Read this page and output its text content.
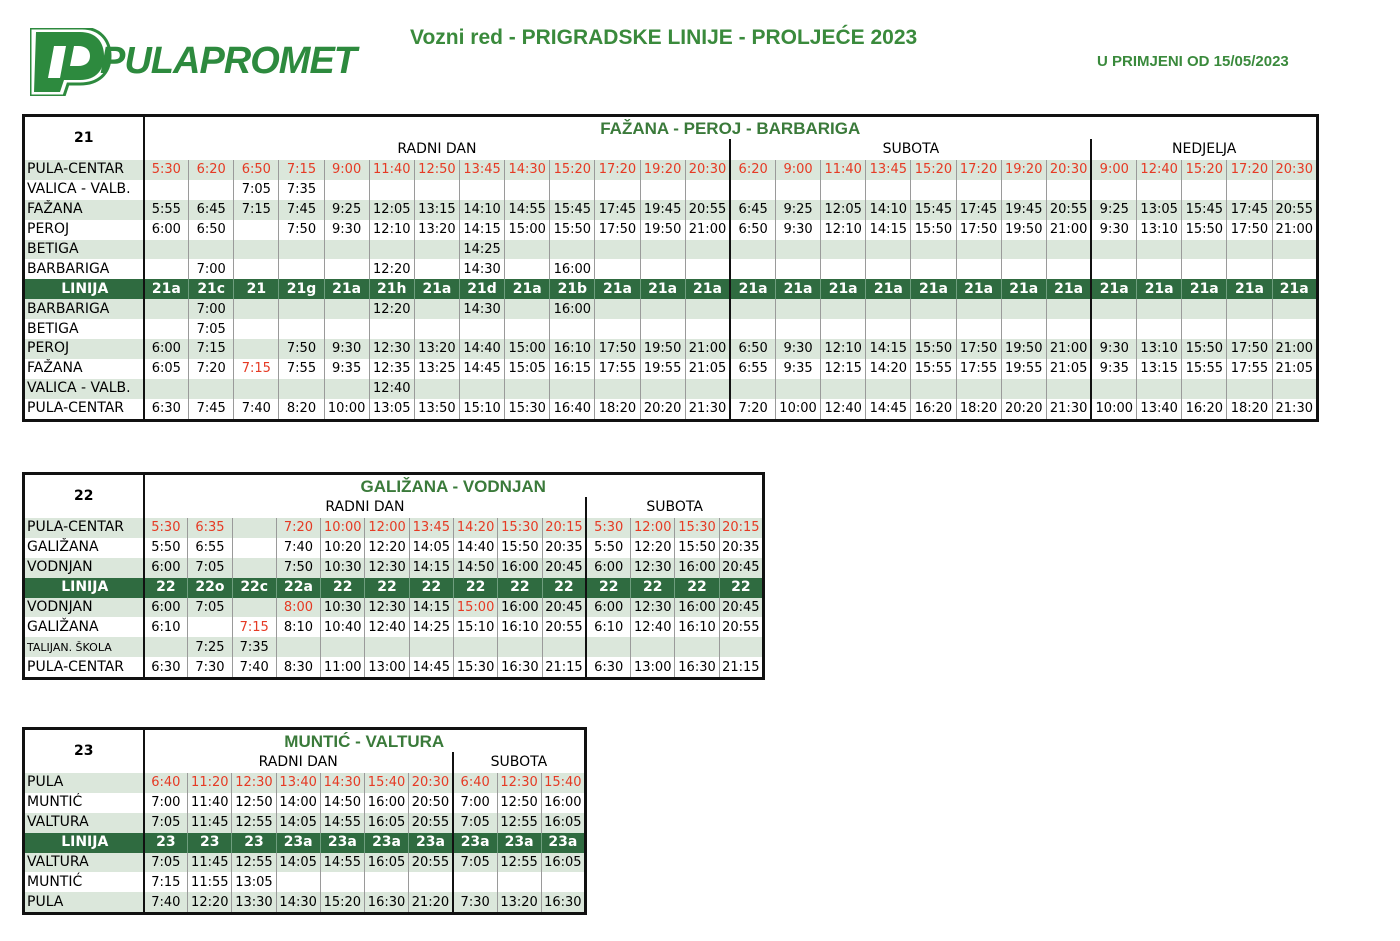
PULAPROMET
Vozni red - PRIGRADSKE LINIJE - PROLJEĆE 2023
U PRIMJENI OD 15/05/2023
21	FAŽANA - PEROJ - BARBARIGA																									
	RADNI DAN													SUBOTA								NEDJELJA				
PULA-CENTAR	5:30	6:20	6:50	7:15	9:00	11:40	12:50	13:45	14:30	15:20	17:20	19:20	20:30	6:20	9:00	11:40	13:45	15:20	17:20	19:20	20:30	9:00	12:40	15:20	17:20	20:30
VALICA - VALB.			7:05	7:35																						
FAŽANA	5:55	6:45	7:15	7:45	9:25	12:05	13:15	14:10	14:55	15:45	17:45	19:45	20:55	6:45	9:25	12:05	14:10	15:45	17:45	19:45	20:55	9:25	13:05	15:45	17:45	20:55
PEROJ	6:00	6:50		7:50	9:30	12:10	13:20	14:15	15:00	15:50	17:50	19:50	21:00	6:50	9:30	12:10	14:15	15:50	17:50	19:50	21:00	9:30	13:10	15:50	17:50	21:00
BETIGA								14:25																		
BARBARIGA		7:00				12:20		14:30		16:00																
LINIJA	21a	21c	21	21g	21a	21h	21a	21d	21a	21b	21a	21a	21a	21a	21a	21a	21a	21a	21a	21a	21a	21a	21a	21a	21a	21a
BARBARIGA		7:00				12:20		14:30		16:00																
BETIGA		7:05																								
PEROJ	6:00	7:15		7:50	9:30	12:30	13:20	14:40	15:00	16:10	17:50	19:50	21:00	6:50	9:30	12:10	14:15	15:50	17:50	19:50	21:00	9:30	13:10	15:50	17:50	21:00
FAŽANA	6:05	7:20	7:15	7:55	9:35	12:35	13:25	14:45	15:05	16:15	17:55	19:55	21:05	6:55	9:35	12:15	14:20	15:55	17:55	19:55	21:05	9:35	13:15	15:55	17:55	21:05
VALICA - VALB.						12:40																				
PULA-CENTAR	6:30	7:45	7:40	8:20	10:00	13:05	13:50	15:10	15:30	16:40	18:20	20:20	21:30	7:20	10:00	12:40	14:45	16:20	18:20	20:20	21:30	10:00	13:40	16:20	18:20	21:30
22	GALIŽANA - VODNJAN													
	RADNI DAN										SUBOTA			
PULA-CENTAR	5:30	6:35		7:20	10:00	12:00	13:45	14:20	15:30	20:15	5:30	12:00	15:30	20:15
GALIŽANA	5:50	6:55		7:40	10:20	12:20	14:05	14:40	15:50	20:35	5:50	12:20	15:50	20:35
VODNJAN	6:00	7:05		7:50	10:30	12:30	14:15	14:50	16:00	20:45	6:00	12:30	16:00	20:45
LINIJA	22	22o	22c	22a	22	22	22	22	22	22	22	22	22	22
VODNJAN	6:00	7:05		8:00	10:30	12:30	14:15	15:00	16:00	20:45	6:00	12:30	16:00	20:45
GALIŽANA	6:10		7:15	8:10	10:40	12:40	14:25	15:10	16:10	20:55	6:10	12:40	16:10	20:55
TALIJAN. ŠKOLA		7:25	7:35											
PULA-CENTAR	6:30	7:30	7:40	8:30	11:00	13:00	14:45	15:30	16:30	21:15	6:30	13:00	16:30	21:15
23	MUNTIĆ - VALTURA									
	RADNI DAN							SUBOTA		
PULA	6:40	11:20	12:30	13:40	14:30	15:40	20:30	6:40	12:30	15:40
MUNTIĆ	7:00	11:40	12:50	14:00	14:50	16:00	20:50	7:00	12:50	16:00
VALTURA	7:05	11:45	12:55	14:05	14:55	16:05	20:55	7:05	12:55	16:05
LINIJA	23	23	23	23a	23a	23a	23a	23a	23a	23a
VALTURA	7:05	11:45	12:55	14:05	14:55	16:05	20:55	7:05	12:55	16:05
MUNTIĆ	7:15	11:55	13:05							
PULA	7:40	12:20	13:30	14:30	15:20	16:30	21:20	7:30	13:20	16:30
